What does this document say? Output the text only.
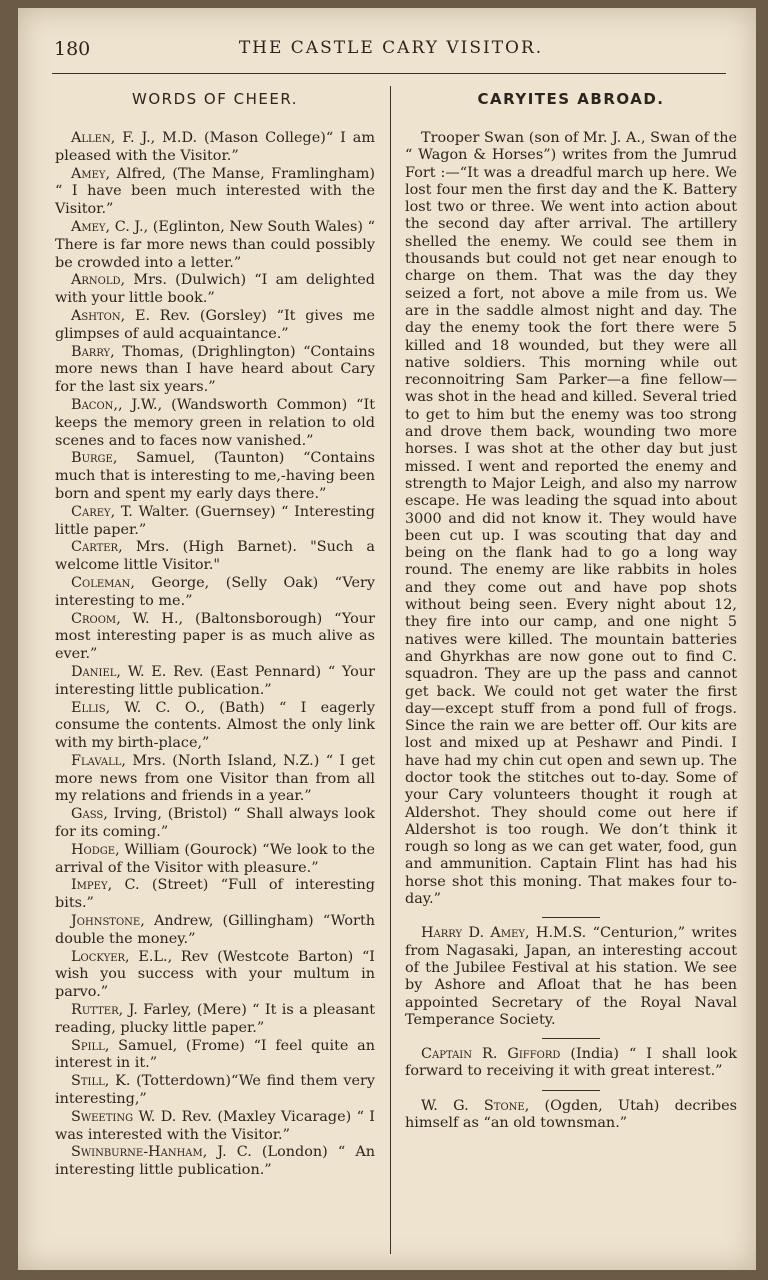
180	THE CASTLE CARY VISITOR.
WORDS OF CHEER.

Allen, F. J., M.D. (Mason College)“ I am pleased with the Visitor.”

Amey, Alfred, (The Manse, Framlingham) “ I have been much interested with the Visitor.”

Amey, C. J., (Eglinton, New South Wales) “ There is far more news than could possibly be crowded into a letter.”

Arnold, Mrs. (Dulwich) “I am delighted with your little book.”

Ashton, E. Rev. (Gorsley) “It gives me glimpses of auld acquaintance.”

Barry, Thomas, (Drighlington) “Contains more news than I have heard about Cary for the last six years.”

Bacon,, J.W., (Wandsworth Common) “It keeps the memory green in relation to old scenes and to faces now vanished.”

Burge, Samuel, (Taunton) “Contains much that is interesting to me,-having been born and spent my early days there.”

Carey, T. Walter. (Guernsey) “ Interesting little paper.”

Carter, Mrs. (High Barnet). "Such a welcome little Visitor."

Coleman, George, (Selly Oak) “Very interesting to me.”

Croom, W. H., (Baltonsborough) “Your most interesting paper is as much alive as ever.”

Daniel, W. E. Rev. (East Pennard) “ Your interesting little publication.”

Ellis, W. C. O., (Bath) “ I eagerly consume the contents. Almost the only link with my birth-place,”

Flavall, Mrs. (North Island, N.Z.) “ I get more news from one Visitor than from all my relations and friends in a year.”

Gass, Irving, (Bristol) “ Shall always look for its coming.”

Hodge, William (Gourock) “We look to the arrival of the Visitor with pleasure.”

Impey, C. (Street) “Full of interesting bits.”

Johnstone, Andrew, (Gillingham) “Worth double the money.”

Lockyer, E.L., Rev (Westcote Barton) “I wish you success with your multum in parvo.”

Rutter, J. Farley, (Mere) “ It is a pleasant reading, plucky little paper.”

Spill, Samuel, (Frome) “I feel quite an interest in it.”

Still, K. (Totterdown)“We find them very interesting,”

Sweeting W. D. Rev. (Maxley Vicarage) “ I was interested with the Visitor.”

Swinburne-Hanham, J. C. (London) “ An interesting little publication.”

CARYITES ABROAD.

Trooper Swan (son of Mr. J. A., Swan of the “ Wagon & Horses”) writes from the Jumrud Fort :—“It was a dreadful march up here. We lost four men the first day and the K. Battery lost two or three. We went into action about the second day after arrival. The artillery shelled the enemy. We could see them in thousands but could not get near enough to charge on them. That was the day they seized a fort, not above a mile from us. We are in the saddle almost night and day. The day the enemy took the fort there were 5 killed and 18 wounded, but they were all native soldiers. This morning while out reconnoitring Sam Parker—a fine fellow—was shot in the head and killed. Several tried to get to him but the enemy was too strong and drove them back, wounding two more horses. I was shot at the other day but just missed. I went and reported the enemy and strength to Major Leigh, and also my narrow escape. He was leading the squad into about 3000 and did not know it. They would have been cut up. I was scouting that day and being on the flank had to go a long way round. The enemy are like rabbits in holes and they come out and have pop shots without being seen. Every night about 12, they fire into our camp, and one night 5 natives were killed. The mountain batteries and Ghyrkhas are now gone out to find C. squadron. They are up the pass and cannot get back. We could not get water the first day—except stuff from a pond full of frogs. Since the rain we are better off. Our kits are lost and mixed up at Peshawr and Pindi. I have had my chin cut open and sewn up. The doctor took the stitches out to-day. Some of your Cary volunteers thought it rough at Aldershot. They should come out here if Aldershot is too rough. We don’t think it rough so long as we can get water, food, gun and ammunition. Captain Flint has had his horse shot this moning. That makes four to-day.”

Harry D. Amey, H.M.S. “Centurion,” writes from Nagasaki, Japan, an interesting accout of the Jubilee Festival at his station. We see by Ashore and Afloat that he has been appointed Secretary of the Royal Naval Temperance Society.

Captain R. Gifford (India) “ I shall look forward to receiving it with great interest.”

W. G. Stone, (Ogden, Utah) decribes himself as “an old townsman.”
